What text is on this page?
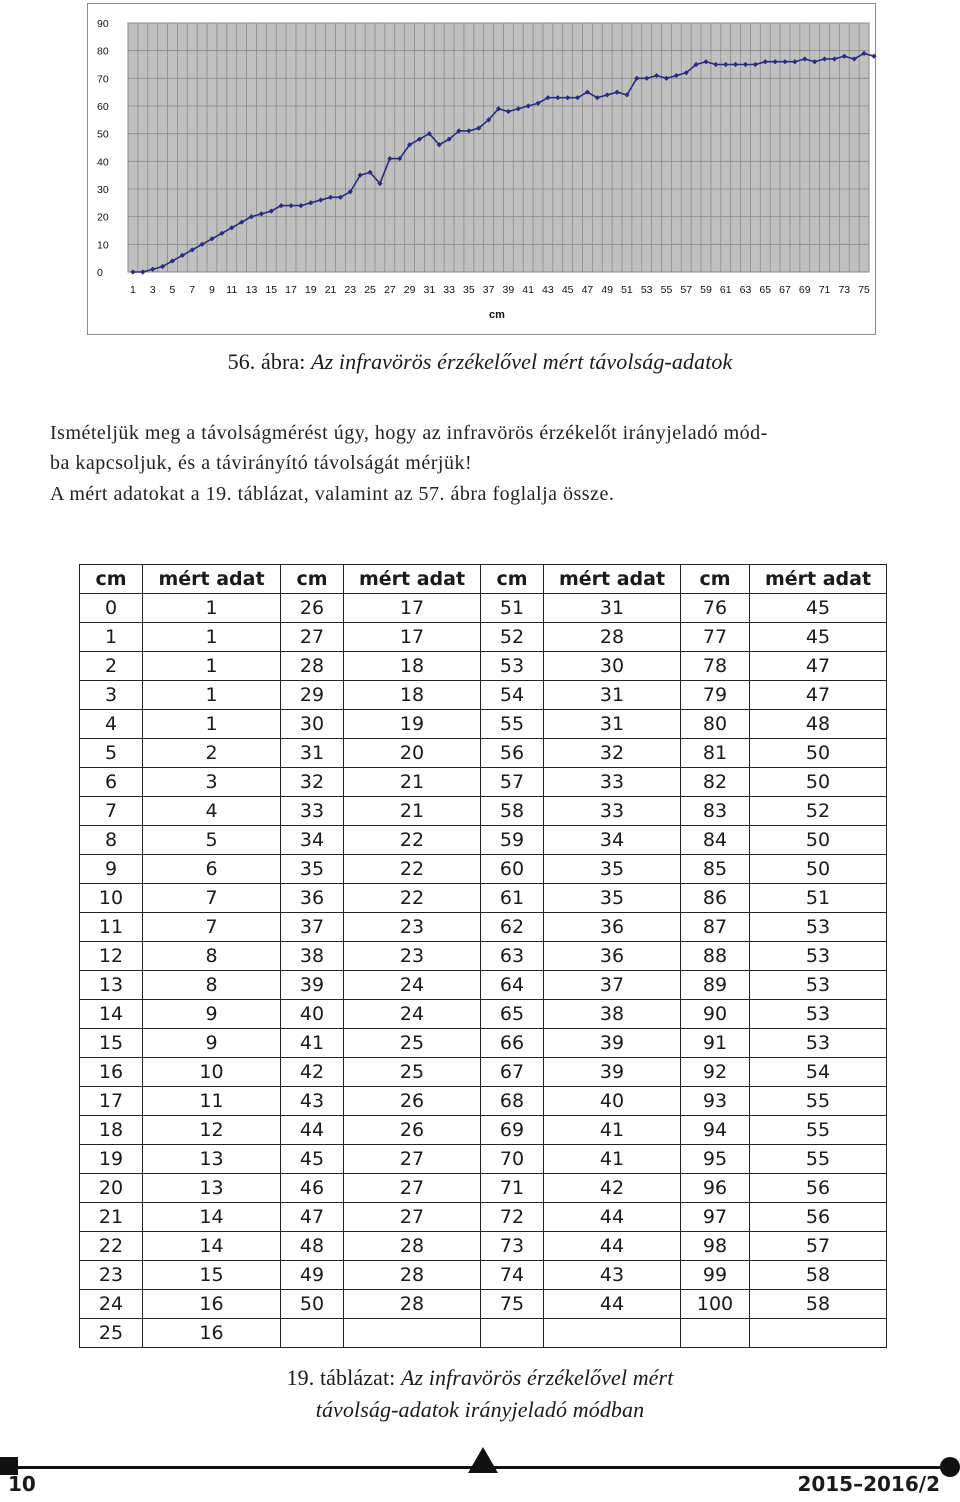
0
10
20
30
40
50
60
70
80
90
1 3 5 7 9 11 13 15 17 19 21 23 25 27 29 31 33 35 37 39 41 43 45 47 49 51 53 55 57 59 61 63 65 67 69 71 73 75
cm
56. ábra: Az infravörös érzékelővel mért távolság-adatok
Ismételjük meg a távolságmérést úgy, hogy az infravörös érzékelőt irányjeladó mód-
ba kapcsoljuk, és a távirányító távolságát mérjük!
A mért adatokat a 19. táblázat, valamint az 57. ábra foglalja össze.
cm	mért adat	cm	mért adat	cm	mért adat	cm	mért adat
0	1	26	17	51	31	76	45
1	1	27	17	52	28	77	45
2	1	28	18	53	30	78	47
3	1	29	18	54	31	79	47
4	1	30	19	55	31	80	48
5	2	31	20	56	32	81	50
6	3	32	21	57	33	82	50
7	4	33	21	58	33	83	52
8	5	34	22	59	34	84	50
9	6	35	22	60	35	85	50
10	7	36	22	61	35	86	51
11	7	37	23	62	36	87	53
12	8	38	23	63	36	88	53
13	8	39	24	64	37	89	53
14	9	40	24	65	38	90	53
15	9	41	25	66	39	91	53
16	10	42	25	67	39	92	54
17	11	43	26	68	40	93	55
18	12	44	26	69	41	94	55
19	13	45	27	70	41	95	55
20	13	46	27	71	42	96	56
21	14	47	27	72	44	97	56
22	14	48	28	73	44	98	57
23	15	49	28	74	43	99	58
24	16	50	28	75	44	100	58
25	16						
19. táblázat: Az infravörös érzékelővel mért
távolság-adatok irányjeladó módban
10	2015–2016/2
